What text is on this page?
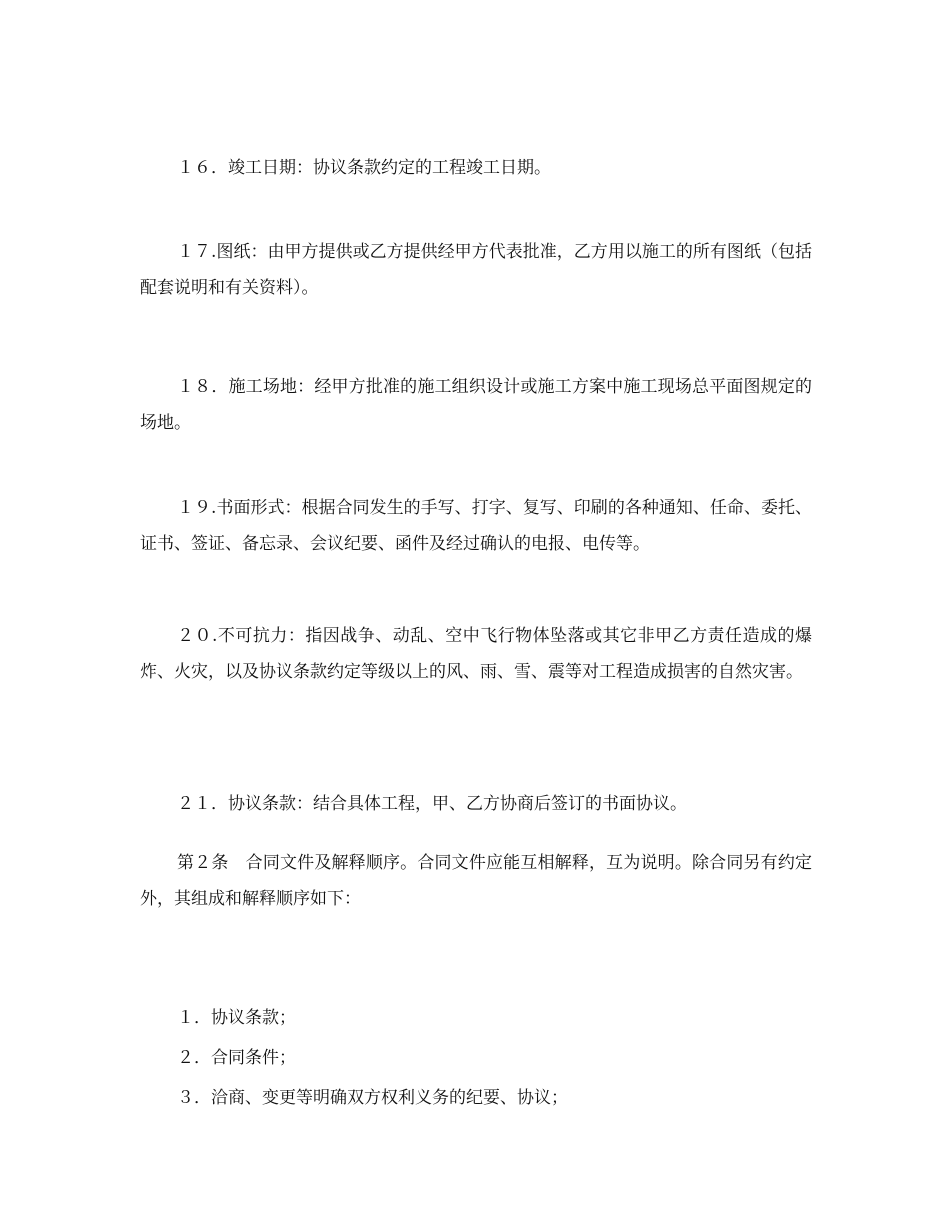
１６．竣工日期：协议条款约定的工程竣工日期。

１７.图纸：由甲方提供或乙方提供经甲方代表批准，乙方用以施工的所有图纸（包括配套说明和有关资料）。

１８．施工场地：经甲方批准的施工组织设计或施工方案中施工现场总平面图规定的场地。

１９.书面形式：根据合同发生的手写、打字、复写、印刷的各种通知、任命、委托、证书、签证、备忘录、会议纪要、函件及经过确认的电报、电传等。

２０.不可抗力：指因战争、动乱、空中飞行物体坠落或其它非甲乙方责任造成的爆炸、火灾，以及协议条款约定等级以上的风、雨、雪、震等对工程造成损害的自然灾害。

２１．协议条款：结合具体工程，甲、乙方协商后签订的书面协议。

第２条　合同文件及解释顺序。合同文件应能互相解释，互为说明。除合同另有约定外，其组成和解释顺序如下：

１．协议条款；

２．合同条件；

３．洽商、变更等明确双方权利义务的纪要、协议；
